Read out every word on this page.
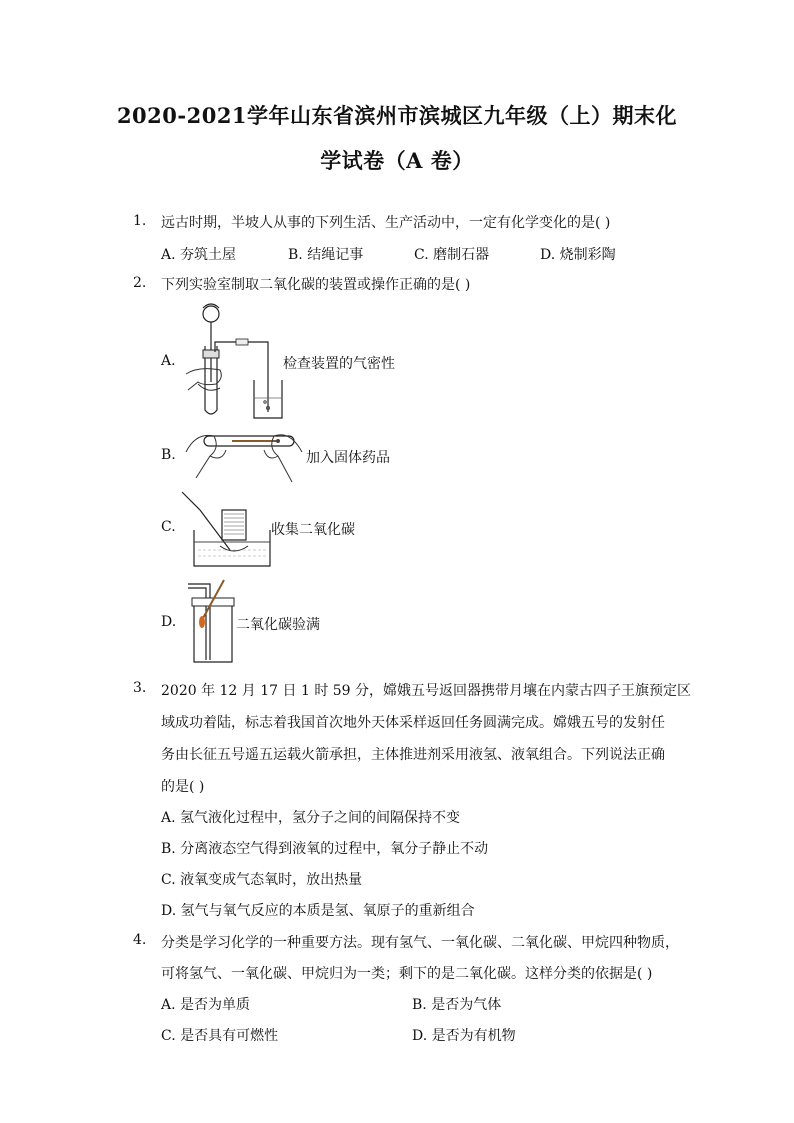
2020-2021学年山东省滨州市滨城区九年级（上）期末化
学试卷（A 卷）
1. 远古时期，半坡人从事的下列生活、生产活动中，一定有化学变化的是( )
A. 夯筑土屋	B. 结绳记事	C. 磨制石器	D. 烧制彩陶
2. 下列实验室制取二氧化碳的装置或操作正确的是( )
A.	检查装置的气密性
B.	加入固体药品
C.	收集二氧化碳
D.	二氧化碳验满
3. 2020 年 12 月 17 日 1 时 59 分，嫦娥五号返回器携带月壤在内蒙古四子王旗预定区
域成功着陆，标志着我国首次地外天体采样返回任务圆满完成。嫦娥五号的发射任
务由长征五号遥五运载火箭承担，主体推进剂采用液氢、液氧组合。下列说法正确
的是( )
A. 氢气液化过程中，氢分子之间的间隔保持不变
B. 分离液态空气得到液氧的过程中，氧分子静止不动
C. 液氧变成气态氧时，放出热量
D. 氢气与氧气反应的本质是氢、氧原子的重新组合
4. 分类是学习化学的一种重要方法。现有氢气、一氧化碳、二氧化碳、甲烷四种物质，
可将氢气、一氧化碳、甲烷归为一类；剩下的是二氧化碳。这样分类的依据是( )
A. 是否为单质	B. 是否为气体
C. 是否具有可燃性	D. 是否为有机物
